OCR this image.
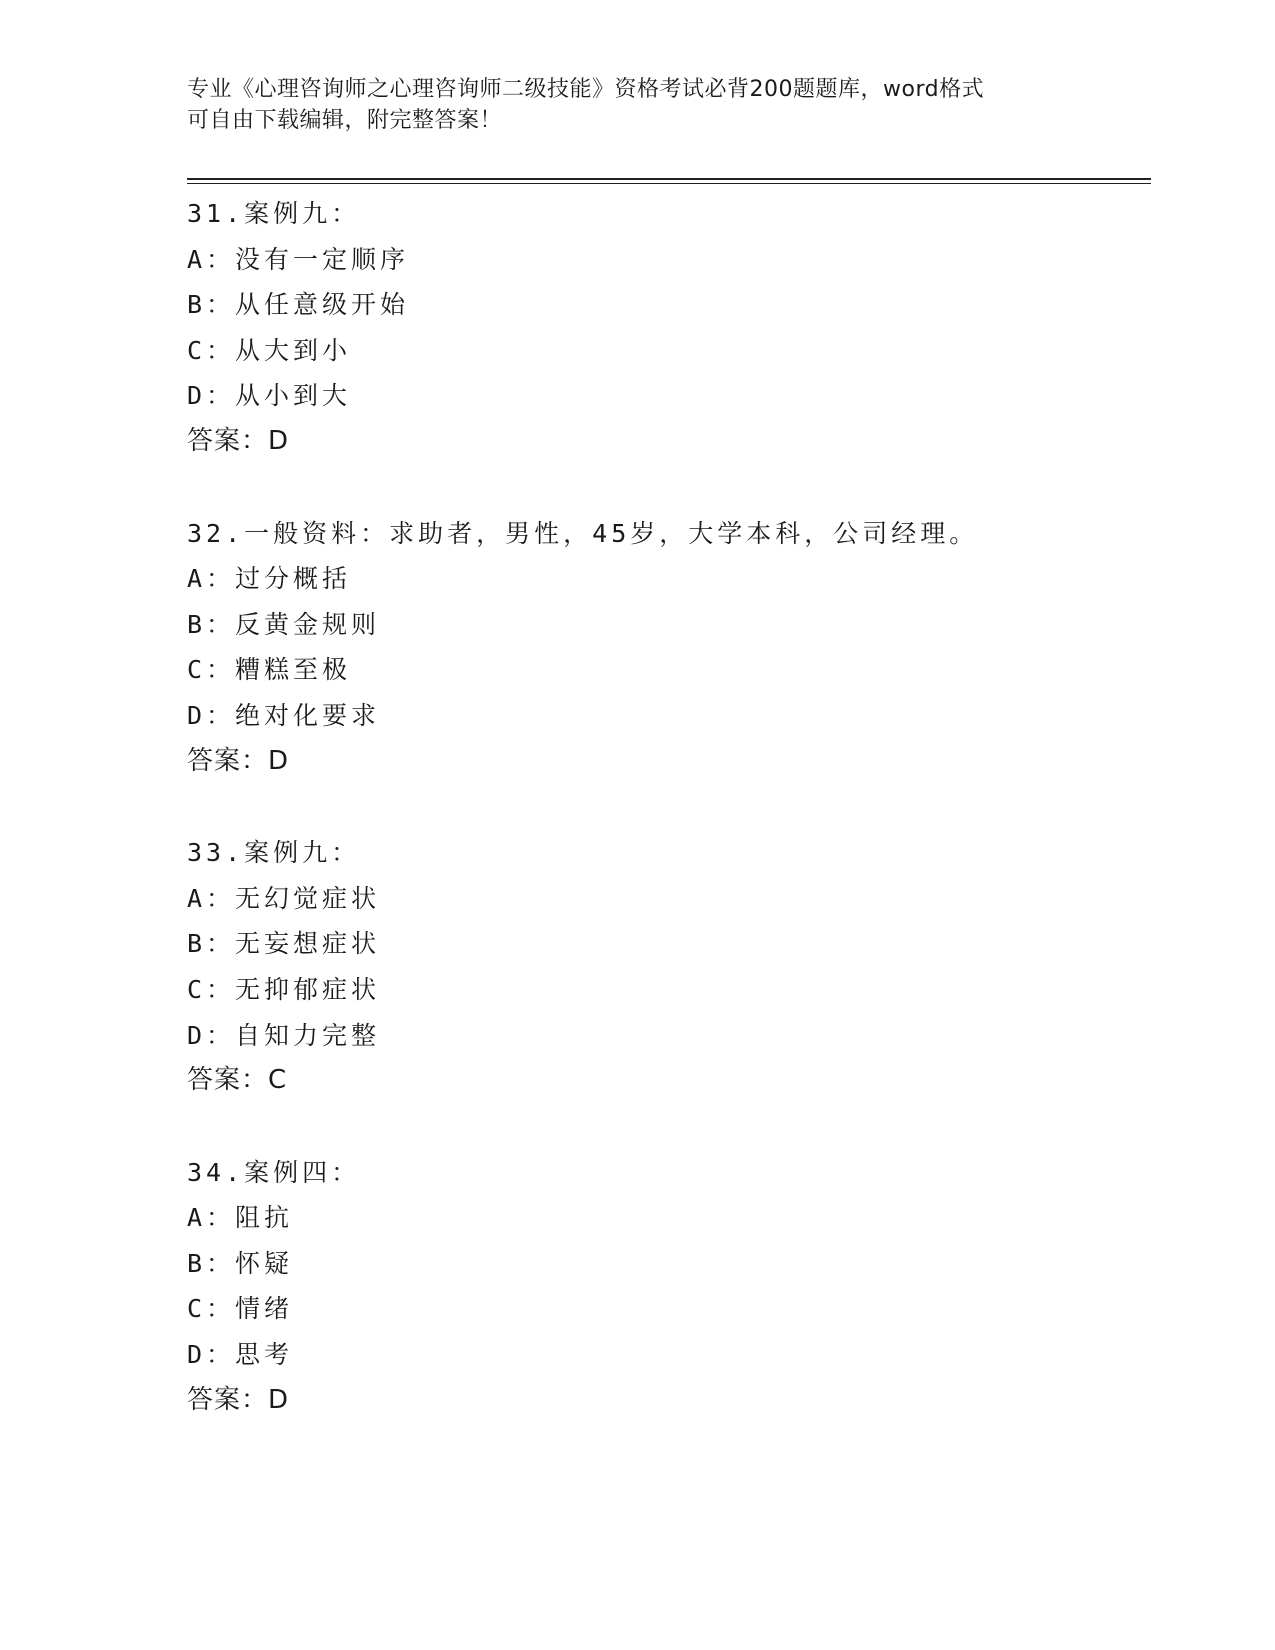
专业《心理咨询师之心理咨询师二级技能》资格考试必背200题题库，word格式
可自由下载编辑，附完整答案！
31.案例九：
A：没有一定顺序
B：从任意级开始
C：从大到小
D：从小到大
答案：D
32.一般资料：求助者，男性，45岁，大学本科，公司经理。
A：过分概括
B：反黄金规则
C：糟糕至极
D：绝对化要求
答案：D
33.案例九：
A：无幻觉症状
B：无妄想症状
C：无抑郁症状
D：自知力完整
答案：C
34.案例四：
A：阻抗
B：怀疑
C：情绪
D：思考
答案：D
